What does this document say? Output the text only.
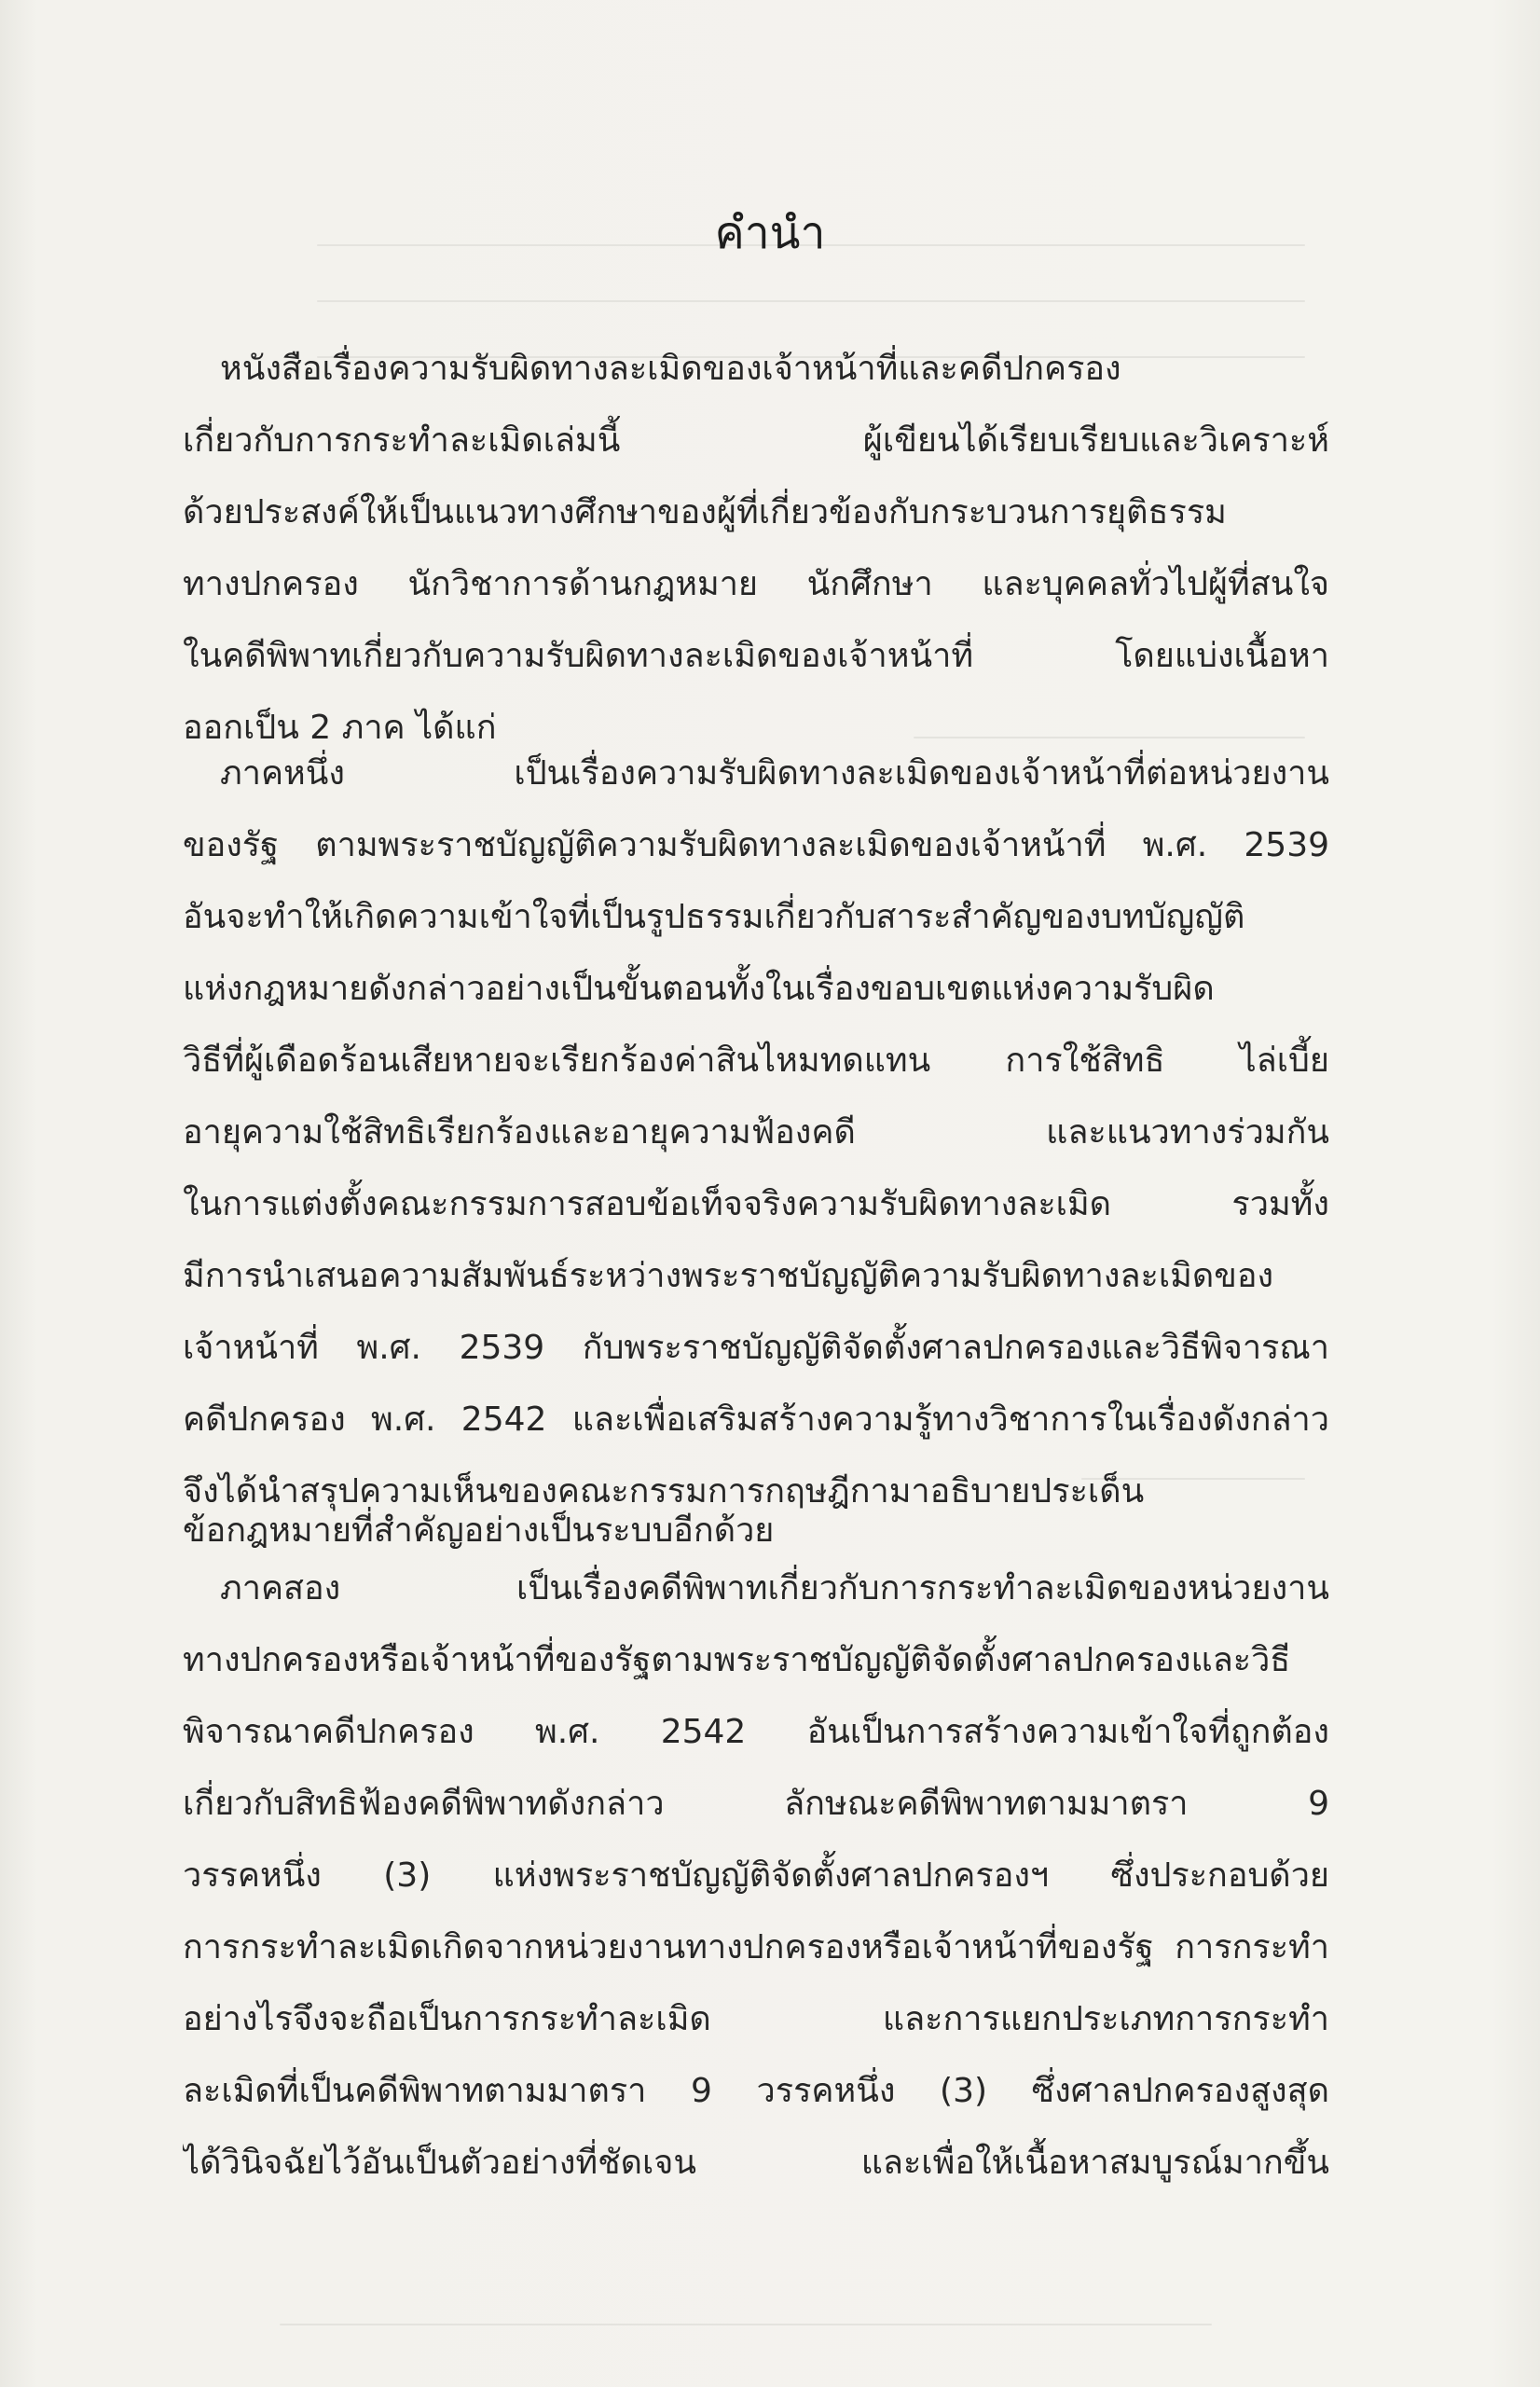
คำนำ
หนังสือเรื่องความรับผิดทางละเมิดของเจ้าหน้าที่และคดีปกครอง
เกี่ยวกับการกระทำละเมิดเล่มนี้ ผู้เขียนได้เรียบเรียบและวิเคราะห์
ด้วยประสงค์ให้เป็นแนวทางศึกษาของผู้ที่เกี่ยวข้องกับกระบวนการยุติธรรม
ทางปกครอง นักวิชาการด้านกฎหมาย นักศึกษา และบุคคลทั่วไปผู้ที่สนใจ
ในคดีพิพาทเกี่ยวกับความรับผิดทางละเมิดของเจ้าหน้าที่ โดยแบ่งเนื้อหา
ออกเป็น 2 ภาค ได้แก่
ภาคหนึ่ง เป็นเรื่องความรับผิดทางละเมิดของเจ้าหน้าที่ต่อหน่วยงาน
ของรัฐ ตามพระราชบัญญัติความรับผิดทางละเมิดของเจ้าหน้าที่ พ.ศ. 2539
อันจะทำให้เกิดความเข้าใจที่เป็นรูปธรรมเกี่ยวกับสาระสำคัญของบทบัญญัติ
แห่งกฎหมายดังกล่าวอย่างเป็นขั้นตอนทั้งในเรื่องขอบเขตแห่งความรับผิด
วิธีที่ผู้เดือดร้อนเสียหายจะเรียกร้องค่าสินไหมทดแทน การใช้สิทธิ ไล่เบี้ย
อายุความใช้สิทธิเรียกร้องและอายุความฟ้องคดี และแนวทางร่วมกัน
ในการแต่งตั้งคณะกรรมการสอบข้อเท็จจริงความรับผิดทางละเมิด รวมทั้ง
มีการนำเสนอความสัมพันธ์ระหว่างพระราชบัญญัติความรับผิดทางละเมิดของ
เจ้าหน้าที่ พ.ศ. 2539 กับพระราชบัญญัติจัดตั้งศาลปกครองและวิธีพิจารณา
คดีปกครอง พ.ศ. 2542 และเพื่อเสริมสร้างความรู้ทางวิชาการในเรื่องดังกล่าว
จึงได้นำสรุปความเห็นของคณะกรรมการกฤษฎีกามาอธิบายประเด็น
ข้อกฎหมายที่สำคัญอย่างเป็นระบบอีกด้วย
ภาคสอง เป็นเรื่องคดีพิพาทเกี่ยวกับการกระทำละเมิดของหน่วยงาน
ทางปกครองหรือเจ้าหน้าที่ของรัฐตามพระราชบัญญัติจัดตั้งศาลปกครองและวิธี
พิจารณาคดีปกครอง พ.ศ. 2542 อันเป็นการสร้างความเข้าใจที่ถูกต้อง
เกี่ยวกับสิทธิฟ้องคดีพิพาทดังกล่าว ลักษณะคดีพิพาทตามมาตรา 9
วรรคหนึ่ง (3) แห่งพระราชบัญญัติจัดตั้งศาลปกครองฯ ซึ่งประกอบด้วย
การกระทำละเมิดเกิดจากหน่วยงานทางปกครองหรือเจ้าหน้าที่ของรัฐ การกระทำ
อย่างไรจึงจะถือเป็นการกระทำละเมิด และการแยกประเภทการกระทำ
ละเมิดที่เป็นคดีพิพาทตามมาตรา 9 วรรคหนึ่ง (3) ซึ่งศาลปกครองสูงสุด
ได้วินิจฉัยไว้อันเป็นตัวอย่างที่ชัดเจน และเพื่อให้เนื้อหาสมบูรณ์มากขึ้น
